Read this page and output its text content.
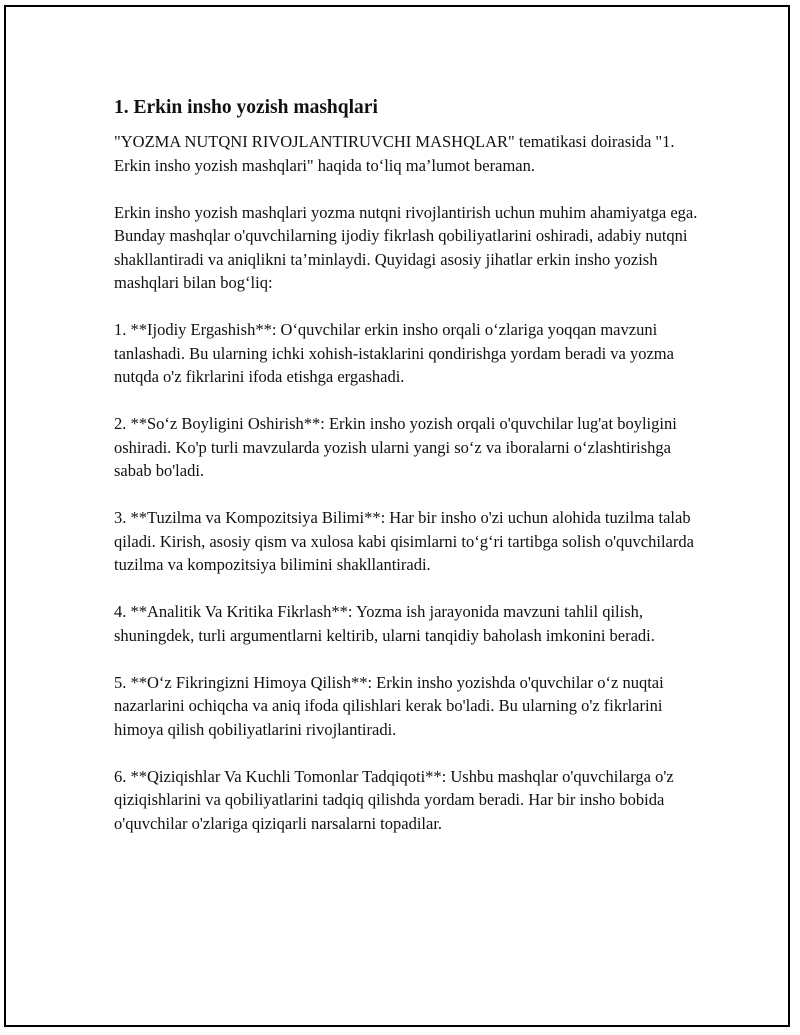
1. Erkin insho yozish mashqlari

"YOZMA NUTQNI RIVOJLANTIRUVCHI MASHQLAR" tematikasi doirasida "1. Erkin insho yozish mashqlari" haqida to‘liq ma’lumot beraman.

Erkin insho yozish mashqlari yozma nutqni rivojlantirish uchun muhim ahamiyatga ega. Bunday mashqlar o'quvchilarning ijodiy fikrlash qobiliyatlarini oshiradi, adabiy nutqni shakllantiradi va aniqlikni ta’minlaydi. Quyidagi asosiy jihatlar erkin insho yozish mashqlari bilan bog‘liq:

1. **Ijodiy Ergashish**: O‘quvchilar erkin insho orqali o‘zlariga yoqqan mavzuni tanlashadi. Bu ularning ichki xohish-istaklarini qondirishga yordam beradi va yozma nutqda o'z fikrlarini ifoda etishga ergashadi.

2. **So‘z Boyligini Oshirish**: Erkin insho yozish orqali o'quvchilar lug'at boyligini oshiradi. Ko'p turli mavzularda yozish ularni yangi so‘z va iboralarni o‘zlashtirishga sabab bo'ladi.

3. **Tuzilma va Kompozitsiya Bilimi**: Har bir insho o'zi uchun alohida tuzilma talab qiladi. Kirish, asosiy qism va xulosa kabi qisimlarni to‘g‘ri tartibga solish o'quvchilarda tuzilma va kompozitsiya bilimini shakllantiradi.

4. **Analitik Va Kritika Fikrlash**: Yozma ish jarayonida mavzuni tahlil qilish, shuningdek, turli argumentlarni keltirib, ularni tanqidiy baholash imkonini beradi.

5. **O‘z Fikringizni Himoya Qilish**: Erkin insho yozishda o'quvchilar o‘z nuqtai nazarlarini ochiqcha va aniq ifoda qilishlari kerak bo'ladi. Bu ularning o'z fikrlarini himoya qilish qobiliyatlarini rivojlantiradi.

6. **Qiziqishlar Va Kuchli Tomonlar Tadqiqoti**: Ushbu mashqlar o'quvchilarga o'z qiziqishlarini va qobiliyatlarini tadqiq qilishda yordam beradi. Har bir insho bobida o'quvchilar o'zlariga qiziqarli narsalarni topadilar.
